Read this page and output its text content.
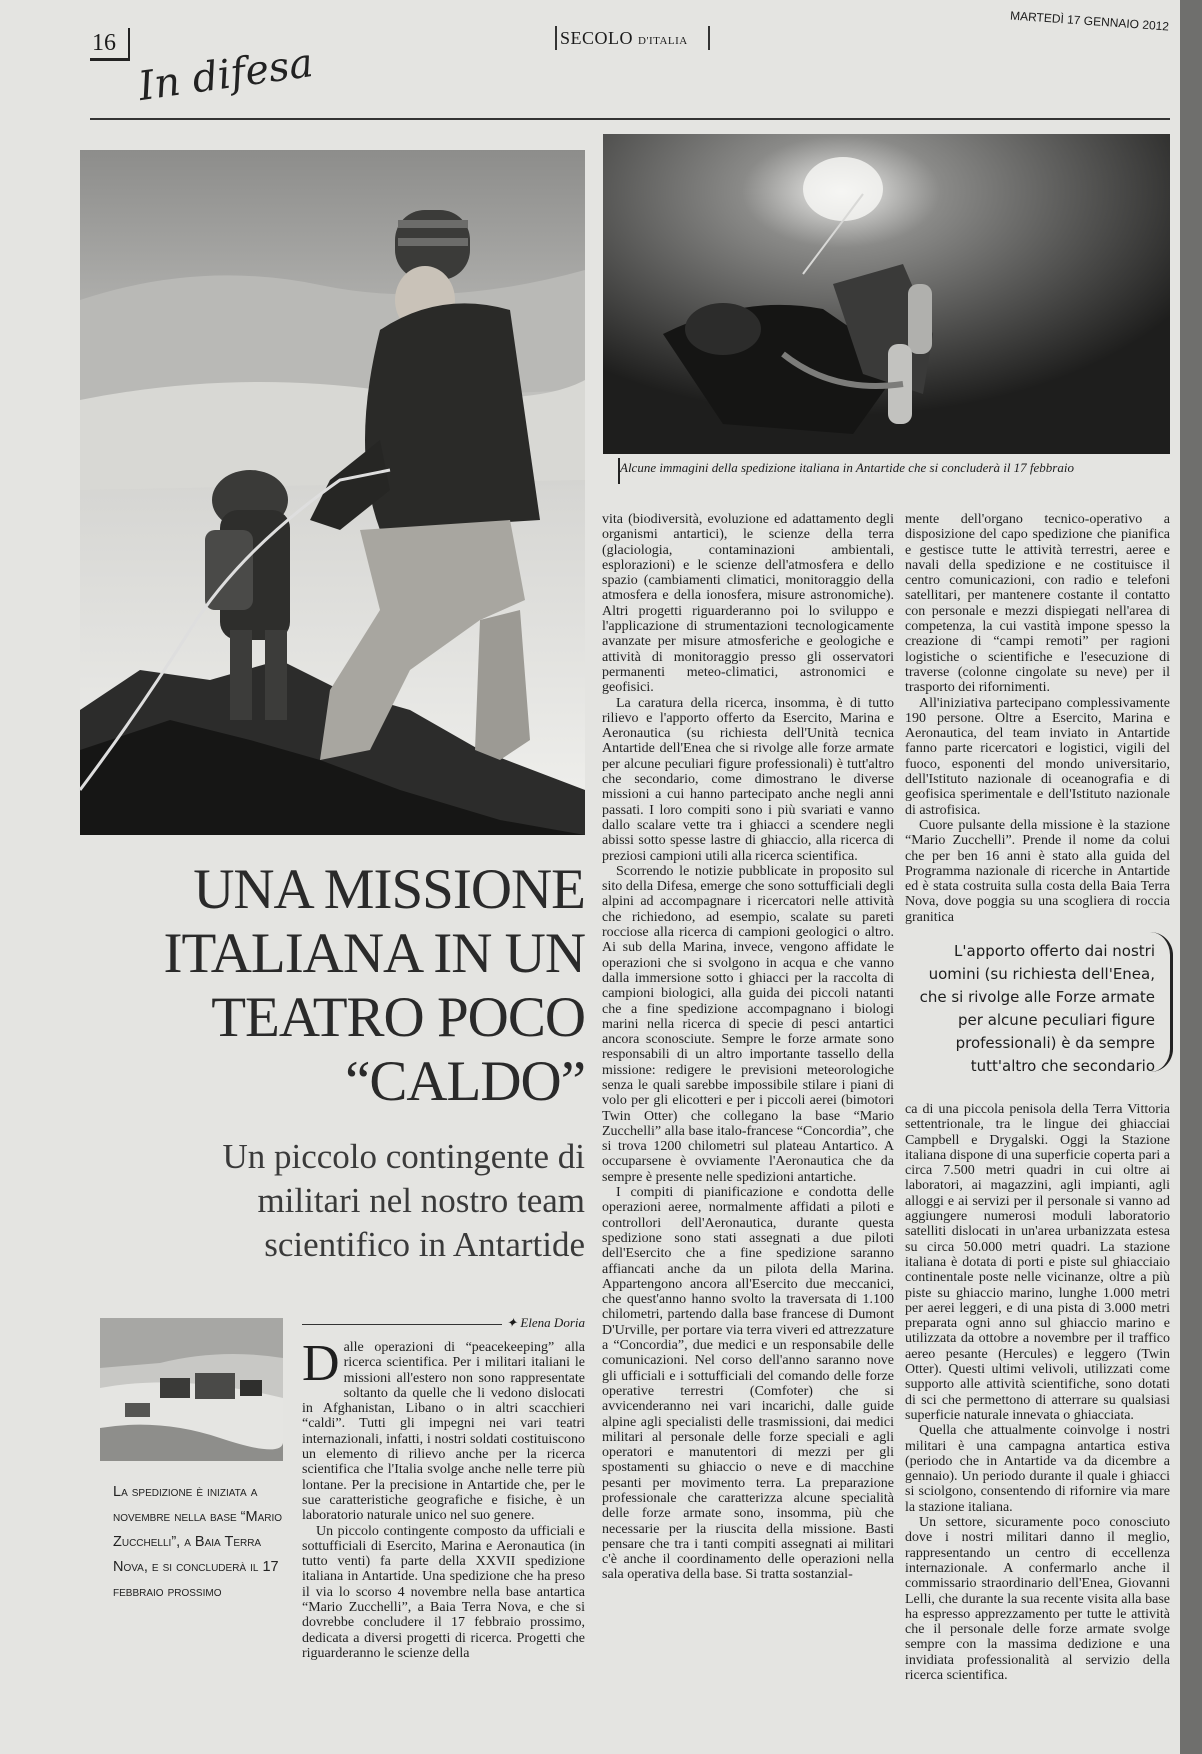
16 In difesa
SECOLO D'ITALIA
MARTEDÌ 17 GENNAIO 2012
Alcune immagini della spedizione italiana in Antartide che si concluderà il 17 febbraio
UNA MISSIONE ITALIANA IN UN TEATRO POCO “CALDO”
Un piccolo contingente di militari nel nostro team scientifico in Antartide
La spedizione è iniziata a novembre nella base “Mario Zucchelli”, a Baia Terra Nova, e si concluderà il 17 febbraio prossimo
✦ Elena Doria

Dalle operazioni di “peacekeeping” alla ricerca scientifica. Per i militari italiani le missioni all'estero non sono rappresentate soltanto da quelle che li vedono dislocati in Afghanistan, Libano o in altri scacchieri “caldi”. Tutti gli impegni nei vari teatri internazionali, infatti, i nostri soldati costituiscono un elemento di rilievo anche per la ricerca scientifica che l'Italia svolge anche nelle terre più lontane. Per la precisione in Antartide che, per le sue caratteristiche geografiche e fisiche, è un laboratorio naturale unico nel suo genere.

Un piccolo contingente composto da ufficiali e sottufficiali di Esercito, Marina e Aeronautica (in tutto venti) fa parte della XXVII spedizione italiana in Antartide. Una spedizione che ha preso il via lo scorso 4 novembre nella base antartica “Mario Zucchelli”, a Baia Terra Nova, e che si dovrebbe concludere il 17 febbraio prossimo, dedicata a diversi progetti di ricerca. Progetti che riguarderanno le scienze della

vita (biodiversità, evoluzione ed adattamento degli organismi antartici), le scienze della terra (glaciologia, contaminazioni ambientali, esplorazioni) e le scienze dell'atmosfera e dello spazio (cambiamenti climatici, monitoraggio della atmosfera e della ionosfera, misure astronomiche). Altri progetti riguarderanno poi lo sviluppo e l'applicazione di strumentazioni tecnologicamente avanzate per misure atmosferiche e geologiche e attività di monitoraggio presso gli osservatori permanenti meteo-climatici, astronomici e geofisici.

La caratura della ricerca, insomma, è di tutto rilievo e l'apporto offerto da Esercito, Marina e Aeronautica (su richiesta dell'Unità tecnica Antartide dell'Enea che si rivolge alle forze armate per alcune peculiari figure professionali) è tutt'altro che secondario, come dimostrano le diverse missioni a cui hanno partecipato anche negli anni passati. I loro compiti sono i più svariati e vanno dallo scalare vette tra i ghiacci a scendere negli abissi sotto spesse lastre di ghiaccio, alla ricerca di preziosi campioni utili alla ricerca scientifica.

Scorrendo le notizie pubblicate in proposito sul sito della Difesa, emerge che sono sottufficiali degli alpini ad accompagnare i ricercatori nelle attività che richiedono, ad esempio, scalate su pareti rocciose alla ricerca di campioni geologici o altro. Ai sub della Marina, invece, vengono affidate le operazioni che si svolgono in acqua e che vanno dalla immersione sotto i ghiacci per la raccolta di campioni biologici, alla guida dei piccoli natanti che a fine spedizione accompagnano i biologi marini nella ricerca di specie di pesci antartici ancora sconosciute. Sempre le forze armate sono responsabili di un altro importante tassello della missione: redigere le previsioni meteorologiche senza le quali sarebbe impossibile stilare i piani di volo per gli elicotteri e per i piccoli aerei (bimotori Twin Otter) che collegano la base “Mario Zucchelli” alla base italo-francese “Concordia”, che si trova 1200 chilometri sul plateau Antartico. A occuparsene è ovviamente l'Aeronautica che da sempre è presente nelle spedizioni antartiche.

I compiti di pianificazione e condotta delle operazioni aeree, normalmente affidati a piloti e controllori dell'Aeronautica, durante questa spedizione sono stati assegnati a due piloti dell'Esercito che a fine spedizione saranno affiancati anche da un pilota della Marina. Appartengono ancora all'Esercito due meccanici, che quest'anno hanno svolto la traversata di 1.100 chilometri, partendo dalla base francese di Dumont D'Urville, per portare via terra viveri ed attrezzature a “Concordia”, due medici e un responsabile delle comunicazioni. Nel corso dell'anno saranno nove gli ufficiali e i sottufficiali del comando delle forze operative terrestri (Comfoter) che si avvicenderanno nei vari incarichi, dalle guide alpine agli specialisti delle trasmissioni, dai medici militari al personale delle forze speciali e agli operatori e manutentori di mezzi per gli spostamenti su ghiaccio o neve e di macchine pesanti per movimento terra. La preparazione professionale che caratterizza alcune specialità delle forze armate sono, insomma, più che necessarie per la riuscita della missione. Basti pensare che tra i tanti compiti assegnati ai militari c'è anche il coordinamento delle operazioni nella sala operativa della base. Si tratta sostanzial-

mente dell'organo tecnico-operativo a disposizione del capo spedizione che pianifica e gestisce tutte le attività terrestri, aeree e navali della spedizione e ne costituisce il centro comunicazioni, con radio e telefoni satellitari, per mantenere costante il contatto con personale e mezzi dispiegati nell'area di competenza, la cui vastità impone spesso la creazione di “campi remoti” per ragioni logistiche o scientifiche e l'esecuzione di traverse (colonne cingolate su neve) per il trasporto dei rifornimenti.

All'iniziativa partecipano complessivamente 190 persone. Oltre a Esercito, Marina e Aeronautica, del team inviato in Antartide fanno parte ricercatori e logistici, vigili del fuoco, esponenti del mondo universitario, dell'Istituto nazionale di oceanografia e di geofisica sperimentale e dell'Istituto nazionale di astrofisica.

Cuore pulsante della missione è la stazione “Mario Zucchelli”. Prende il nome da colui che per ben 16 anni è stato alla guida del Programma nazionale di ricerche in Antartide ed è stata costruita sulla costa della Baia Terra Nova, dove poggia su una scogliera di roccia granitica

L'apporto offerto dai nostri uomini (su richiesta dell'Enea, che si rivolge alle Forze armate per alcune peculiari figure professionali) è da sempre tutt'altro che secondario

ca di una piccola penisola della Terra Vittoria settentrionale, tra le lingue dei ghiacciai Campbell e Drygalski. Oggi la Stazione italiana dispone di una superficie coperta pari a circa 7.500 metri quadri in cui oltre ai laboratori, ai magazzini, agli impianti, agli alloggi e ai servizi per il personale si vanno ad aggiungere numerosi moduli laboratorio satelliti dislocati in un'area urbanizzata estesa su circa 50.000 metri quadri. La stazione italiana è dotata di porti e piste sul ghiacciaio continentale poste nelle vicinanze, oltre a più piste su ghiaccio marino, lunghe 1.000 metri per aerei leggeri, e di una pista di 3.000 metri preparata ogni anno sul ghiaccio marino e utilizzata da ottobre a novembre per il traffico aereo pesante (Hercules) e leggero (Twin Otter). Questi ultimi velivoli, utilizzati come supporto alle attività scientifiche, sono dotati di sci che permettono di atterrare su qualsiasi superficie naturale innevata o ghiacciata.

Quella che attualmente coinvolge i nostri militari è una campagna antartica estiva (periodo che in Antartide va da dicembre a gennaio). Un periodo durante il quale i ghiacci si sciolgono, consentendo di rifornire via mare la stazione italiana.

Un settore, sicuramente poco conosciuto dove i nostri militari danno il meglio, rappresentando un centro di eccellenza internazionale. A confermarlo anche il commissario straordinario dell'Enea, Giovanni Lelli, che durante la sua recente visita alla base ha espresso apprezzamento per tutte le attività che il personale delle forze armate svolge sempre con la massima dedizione e una invidiata professionalità al servizio della ricerca scientifica.
